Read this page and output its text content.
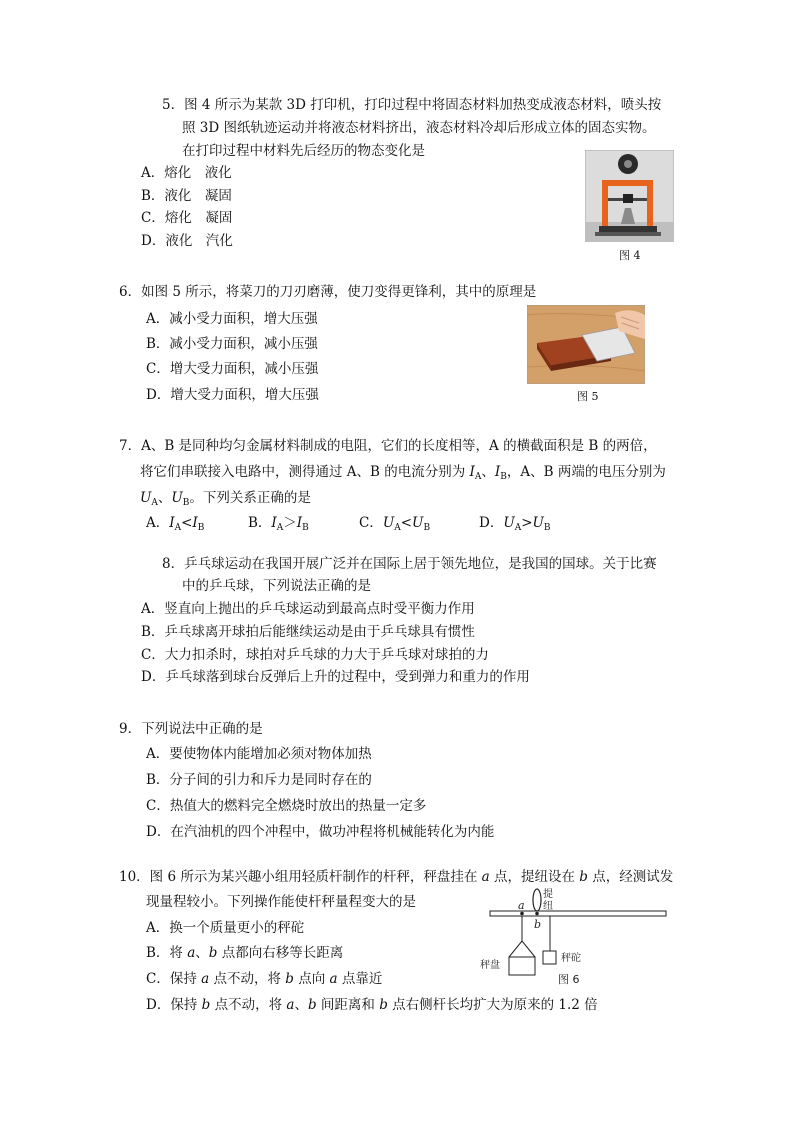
5．图 4 所示为某款 3D 打印机，打印过程中将固态材料加热变成液态材料，喷头按
照 3D 图纸轨迹运动并将液态材料挤出，液态材料冷却后形成立体的固态实物。
在打印过程中材料先后经历的物态变化是
A．熔化　液化
B．液化　凝固
C．熔化　凝固
D．液化　汽化
图 4
6．如图 5 所示，将菜刀的刀刃磨薄，使刀变得更锋利，其中的原理是
A．减小受力面积，增大压强
B．减小受力面积，减小压强
C．增大受力面积，减小压强
D．增大受力面积，增大压强	图 5
7．A、B 是同种均匀金属材料制成的电阻，它们的长度相等，A 的横截面积是 B 的两倍，
将它们串联接入电路中，测得通过 A、B 的电流分别为 $I_A$、$I_B$，A、B 两端的电压分别为
$U_A$、$U_B$。下列关系正确的是
A．$I_A<I_B$	B．$I_A>I_B$	C．$U_A<U_B$	D．$U_A>U_B$
8．乒乓球运动在我国开展广泛并在国际上居于领先地位，是我国的国球。关于比赛
中的乒乓球，下列说法正确的是
A．竖直向上抛出的乒乓球运动到最高点时受平衡力作用
B．乒乓球离开球拍后能继续运动是由于乒乓球具有惯性
C．大力扣杀时，球拍对乒乓球的力大于乒乓球对球拍的力
D．乒乓球落到球台反弹后上升的过程中，受到弹力和重力的作用
9．下列说法中正确的是
A．要使物体内能增加必须对物体加热
B．分子间的引力和斥力是同时存在的
C．热值大的燃料完全燃烧时放出的热量一定多
D．在汽油机的四个冲程中，做功冲程将机械能转化为内能
10．图 6 所示为某兴趣小组用轻质杆制作的杆秤，秤盘挂在 a 点，提纽设在 b 点，经测试发
现量程较小。下列操作能使杆秤量程变大的是
A．换一个质量更小的秤砣
B．将 a、b 点都向右移等长距离
C．保持 a 点不动，将 b 点向 a 点靠近
D．保持 b 点不动，将 a、b 间距离和 b 点右侧杆长均扩大为原来的 1.2 倍
a
b
提
纽
秤盘
秤砣
图 6
